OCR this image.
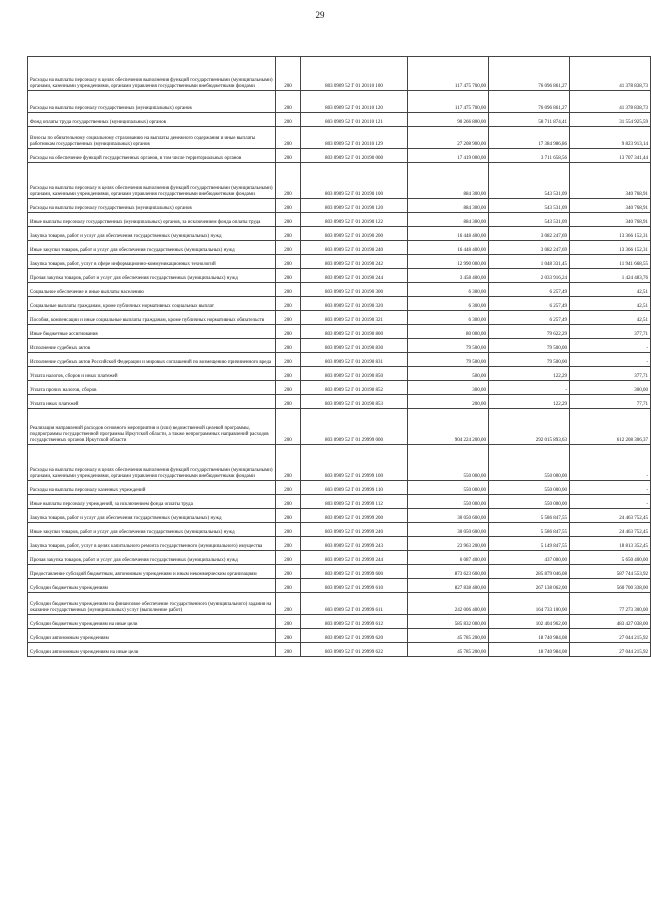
29
Расходы на выплаты персоналу в целях обеспечения выполнения функций государственными (муниципальными) органами, казенными учреждениями, органами управления государственными внебюджетными фондами	200	803 0909 52 Г 01 20110 100	117 475 700,00	76 096 861,27	41 378 838,73
Расходы на выплаты персоналу государственных (муниципальных) органов	200	803 0909 52 Г 01 20110 120	117 475 700,00	76 096 861,27	41 378 838,73
Фонд оплаты труда государственных (муниципальных) органов	200	803 0909 52 Г 01 20110 121	90 266 800,00	58 711 874,41	31 554 925,59
Взносы по обязательному социальному страхованию на выплаты денежного содержания и иные выплаты работникам государственных (муниципальных) органов	200	803 0909 52 Г 01 20110 129	27 208 900,00	17 384 986,86	9 823 913,14
Расходы на обеспечение функций государственных органов, в том числе территориальных органов	200	803 0909 52 Г 01 20190 000	17 419 000,00	3 711 658,56	13 707 341,44
Расходы на выплаты персоналу в целях обеспечения выполнения функций государственными (муниципальными) органами, казенными учреждениями, органами управления государственными внебюджетными фондами	200	803 0909 52 Г 01 20190 100	884 300,00	543 531,09	340 768,91
Расходы на выплаты персоналу государственных (муниципальных) органов	200	803 0909 52 Г 01 20190 120	884 300,00	543 531,09	340 768,91
Иные выплаты персоналу государственных (муниципальных) органов, за исключением фонда оплаты труда	200	803 0909 52 Г 01 20190 122	884 300,00	543 531,09	340 768,91
Закупка товаров, работ и услуг для обеспечения государственных (муниципальных) нужд	200	803 0909 52 Г 01 20190 200	16 448 400,00	3 082 247,69	13 366 152,31
Иные закупки товаров, работ и услуг для обеспечения государственных (муниципальных) нужд	200	803 0909 52 Г 01 20190 240	16 448 400,00	3 082 247,69	13 366 152,31
Закупка товаров, работ, услуг в сфере информационно-коммуникационных технологий	200	803 0909 52 Г 01 20190 242	12 990 000,00	1 048 331,45	11 941 668,55
Прочая закупка товаров, работ и услуг для обеспечения государственных (муниципальных) нужд	200	803 0909 52 Г 01 20190 244	3 458 400,00	2 033 916,24	1 424 483,76
Социальное обеспечение и иные выплаты населению	200	803 0909 52 Г 01 20190 300	6 300,00	6 257,49	42,51
Социальные выплаты гражданам, кроме публичных нормативных социальных выплат	200	803 0909 52 Г 01 20190 320	6 300,00	6 257,49	42,51
Пособия, компенсации и иные социальные выплаты гражданам, кроме публичных нормативных обязательств	200	803 0909 52 Г 01 20190 321	6 300,00	6 257,49	42,51
Иные бюджетные ассигнования	200	803 0909 52 Г 01 20190 800	80 000,00	79 622,29	377,71
Исполнение судебных актов	200	803 0909 52 Г 01 20190 830	79 500,00	79 500,00	-
Исполнение судебных актов Российской Федерации и мировых соглашений по возмещению причиненного вреда	200	803 0909 52 Г 01 20190 831	79 500,00	79 500,00	-
Уплата налогов, сборов и иных платежей	200	803 0909 52 Г 01 20190 850	500,00	122,29	377,71
Уплата прочих налогов, сборов	200	803 0909 52 Г 01 20190 852	300,00	-	300,00
Уплата иных платежей	200	803 0909 52 Г 01 20190 853	200,00	122,29	77,71
Реализация направлений расходов основного мероприятия и (или) ведомственной целевой программы, подпрограммы государственной программы Иркутской области, а также непрограммных направлений расходов государственных органов Иркутской области	200	803 0909 52 Г 01 29999 000	904 224 200,00	292 015 893,63	612 208 306,37
Расходы на выплаты персоналу в целях обеспечения выполнения функций государственными (муниципальными) органами, казенными учреждениями, органами управления государственными внебюджетными фондами	200	803 0909 52 Г 01 29999 100	550 000,00	550 000,00	-
Расходы на выплаты персоналу казенных учреждений	200	803 0909 52 Г 01 29999 110	550 000,00	550 000,00	-
Иные выплаты персоналу учреждений, за исключением фонда оплаты труда	200	803 0909 52 Г 01 29999 112	550 000,00	550 000,00	-
Закупка товаров, работ и услуг для обеспечения государственных (муниципальных) нужд	200	803 0909 52 Г 01 29999 200	30 050 600,00	5 586 847,55	24 463 752,45
Иные закупки товаров, работ и услуг для обеспечения государственных (муниципальных) нужд	200	803 0909 52 Г 01 29999 240	30 050 600,00	5 586 847,55	24 463 752,45
Закупка товаров, работ, услуг в целях капитального ремонта государственного (муниципального) имущества	200	803 0909 52 Г 01 29999 243	23 963 200,00	5 149 847,55	18 813 352,45
Прочая закупка товаров, работ и услуг для обеспечения государственных (муниципальных) нужд	200	803 0909 52 Г 01 29999 244	6 087 400,00	437 000,00	5 650 400,00
Предоставление субсидий бюджетным, автономным учреждениям и иным некоммерческим организациям	200	803 0909 52 Г 01 29999 600	873 623 600,00	285 879 046,08	587 744 553,92
Субсидии бюджетным учреждениям	200	803 0909 52 Г 01 29999 610	827 838 400,00	267 138 062,00	560 700 338,00
Субсидии бюджетным учреждениям на финансовое обеспечение государственного (муниципального) задания на оказание государственных (муниципальных) услуг (выполнение работ)	200	803 0909 52 Г 01 29999 611	242 006 400,00	164 733 100,00	77 273 300,00
Субсидии бюджетным учреждениям на иные цели	200	803 0909 52 Г 01 29999 612	585 832 000,00	102 404 962,00	483 427 038,00
Субсидии автономным учреждениям	200	803 0909 52 Г 01 29999 620	45 785 200,00	18 740 984,08	27 044 215,92
Субсидии автономным учреждениям на иные цели	200	803 0909 52 Г 01 29999 622	45 785 200,00	18 740 984,08	27 044 215,92
